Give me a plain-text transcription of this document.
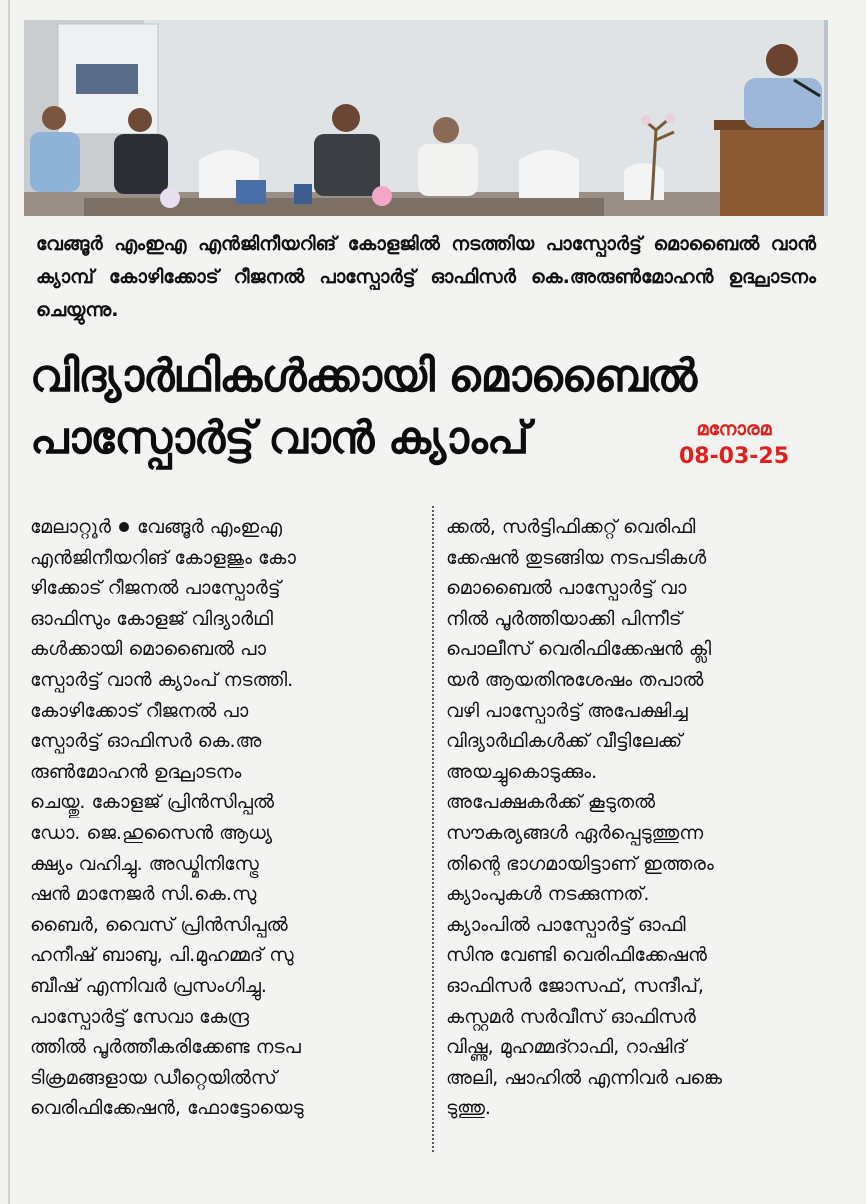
വേങ്ങൂർ എംഇഎ എൻജിനീയറിങ് കോളജിൽ നടത്തിയ പാസ്പോർട്ട് മൊബൈൽ വാൻ ക്യാമ്പ് കോഴിക്കോട് റീജനൽ പാസ്പോർട്ട് ഓഫിസർ കെ.അരുൺമോഹൻ ഉദ്ഘാടനം ചെയ്യുന്നു.
വിദ്യാർഥികൾക്കായി മൊബൈൽ
പാസ്പോർട്ട് വാൻ ക്യാംപ്	മനോരമ
08-03-25
മേലാറ്റൂർ വേങ്ങൂർ എംഇഎ
എൻജിനീയറിങ് കോളജും കോ
ഴിക്കോട് റീജനൽ പാസ്പോർട്ട്
ഓഫിസും കോളജ് വിദ്യാർഥി
കൾക്കായി മൊബൈൽ പാ
സ്പോർട്ട് വാൻ ക്യാംപ് നടത്തി.
കോഴിക്കോട് റീജനൽ പാ
സ്പോർട്ട് ഓഫിസർ കെ.അ
രുൺമോഹൻ ഉദ്ഘാടനം
ചെയ്തു. കോളജ് പ്രിൻസിപ്പൽ
ഡോ. ജെ.ഹുസൈൻ ആധ്യ
ക്ഷ്യം വഹിച്ചു. അഡ്മിനിസ്ട്രേ
ഷൻ മാനേജർ സി.കെ.സു
ബൈർ, വൈസ് പ്രിൻസിപ്പൽ
ഹനീഷ് ബാബു, പി.മുഹമ്മദ് സു
ബീഷ് എന്നിവർ പ്രസംഗിച്ചു.
പാസ്പോർട്ട് സേവാ കേന്ദ്ര
ത്തിൽ പൂർത്തീകരിക്കേണ്ട നടപ
ടിക്രമങ്ങളായ ഡീറ്റെയിൽസ്
വെരിഫിക്കേഷൻ, ഫോട്ടോയെടു
ക്കൽ, സർട്ടിഫിക്കറ്റ് വെരിഫി
ക്കേഷൻ തുടങ്ങിയ നടപടികൾ
മൊബൈൽ പാസ്പോർട്ട് വാ
നിൽ പൂർത്തിയാക്കി പിന്നീട്
പൊലീസ് വെരിഫിക്കേഷൻ ക്ലി
യർ ആയതിനുശേഷം തപാൽ
വഴി പാസ്പോർട്ട് അപേക്ഷിച്ച
വിദ്യാർഥികൾക്ക് വീട്ടിലേക്ക്
അയച്ചുകൊടുക്കും.
അപേക്ഷകർക്ക് കൂടുതൽ
സൗകര്യങ്ങൾ ഏർപ്പെടുത്തുന്ന
തിന്റെ ഭാഗമായിട്ടാണ് ഇത്തരം
ക്യാംപുകൾ നടക്കുന്നത്.
ക്യാംപിൽ പാസ്പോർട്ട് ഓഫി
സിനു വേണ്ടി വെരിഫിക്കേഷൻ
ഓഫിസർ ജോസഫ്, സന്ദീപ്,
കസ്റ്റമർ സർവീസ് ഓഫിസർ
വിഷ്ണു, മുഹമ്മദ്റാഫി, റാഷിദ്
അലി, ഷാഹിൽ എന്നിവർ പങ്കെ
ടുത്തു.
